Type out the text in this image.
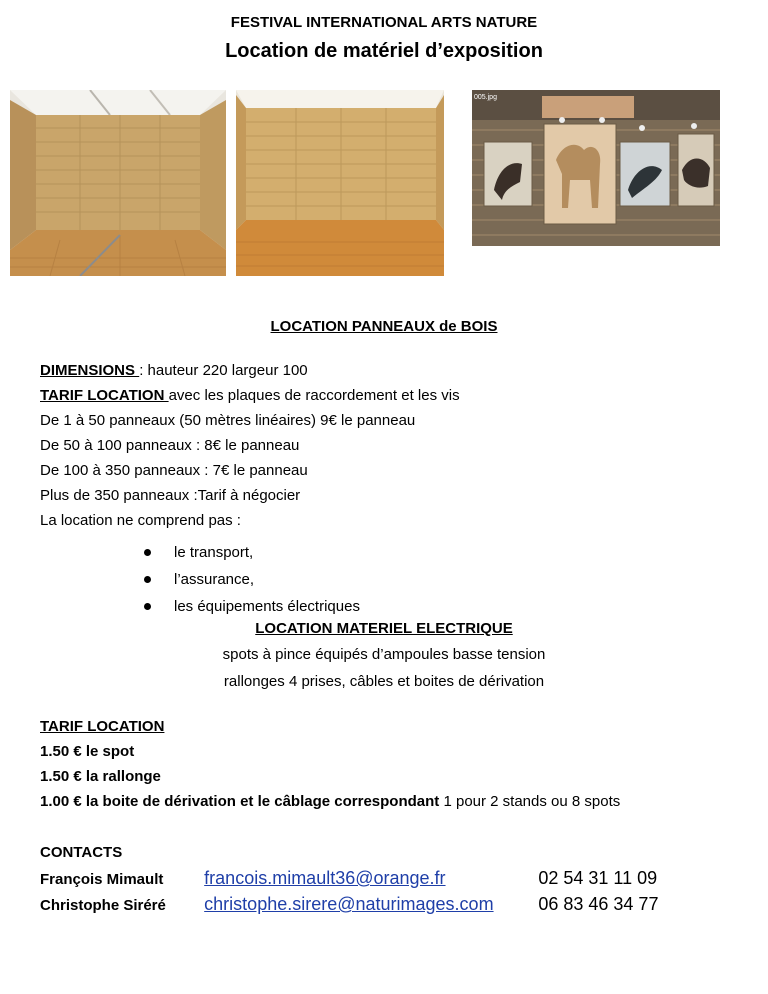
FESTIVAL INTERNATIONAL ARTS NATURE
Location de matériel d’exposition
005.jpg
LOCATION PANNEAUX de BOIS
DIMENSIONS : hauteur 220 largeur 100
TARIF LOCATION avec les plaques de raccordement et les vis
De 1 à 50 panneaux (50 mètres linéaires) 9€ le panneau
De 50 à 100 panneaux : 8€ le panneau
De 100 à 350 panneaux : 7€ le panneau
Plus de 350 panneaux :Tarif à négocier
La location ne comprend pas :
le transport,
l’assurance,
les équipements électriques
LOCATION MATERIEL ELECTRIQUE
spots à pince équipés d’ampoules basse tension
rallonges 4 prises, câbles et boites de dérivation
TARIF LOCATION
1.50 € le spot
1.50 € la rallonge
1.00 € la boite de dérivation et le câblage correspondant 1 pour 2 stands ou 8 spots
CONTACTS
François Mimault francois.mimault36@orange.fr	02 54 31 11 09
Christophe Siréré christophe.sirere@naturimages.com 06 83 46 34 77
